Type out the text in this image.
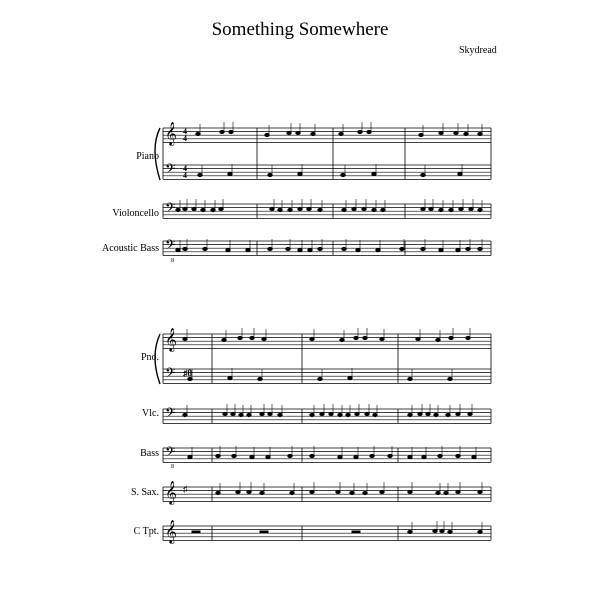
Something Somewhere
Skydread
Piano
Violoncello
Acoustic Bass
Pno.
Vlc.
Bass
S. Sax.
C Tpt.
𝄞
𝄢
𝄢
𝄢
4
4
4
4
8
𝄞
𝄢
𝄢
𝄢
𝄞
𝄞
♯8
♯
8
